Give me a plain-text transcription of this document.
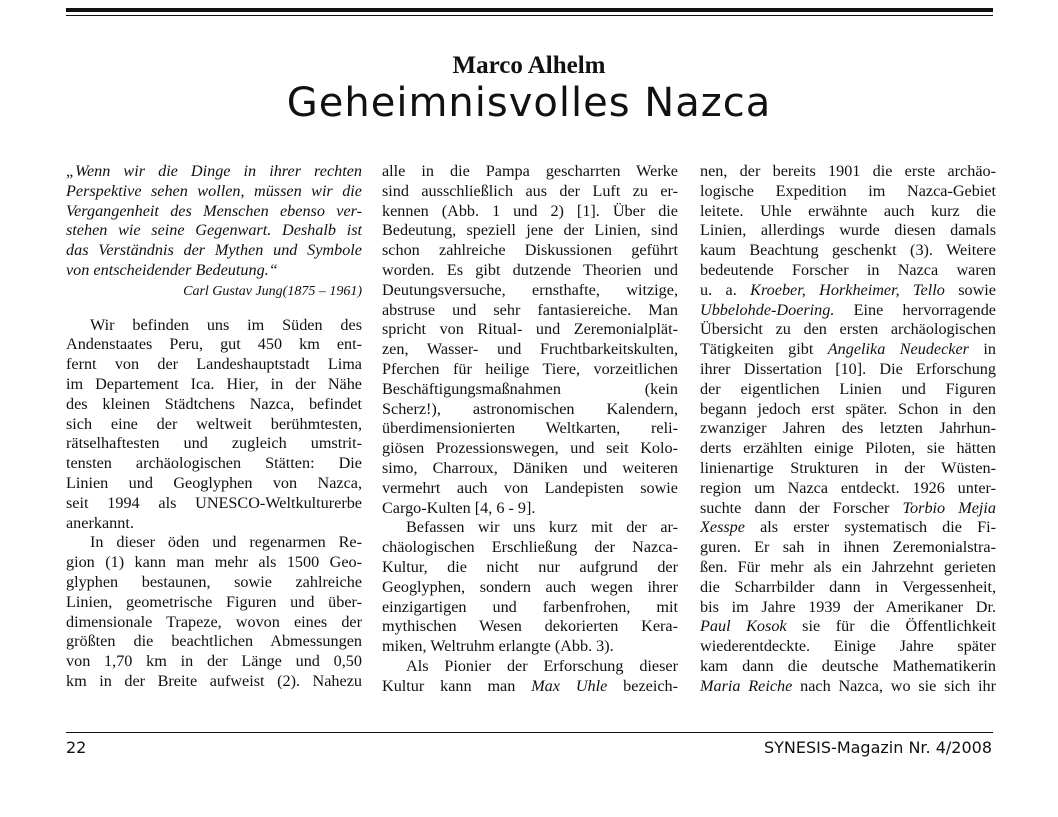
Marco Alhelm
Geheimnisvolles Nazca
„Wenn wir die Dinge in ihrer rechten
Perspektive sehen wollen, müssen wir die
Vergangenheit des Menschen ebenso ver-
stehen wie seine Gegenwart. Deshalb ist
das Verständnis der Mythen und Symbole
von entscheidender Bedeutung.“
Carl Gustav Jung(1875 – 1961)
Wir befinden uns im Süden des
Andenstaates Peru, gut 450 km ent-
fernt von der Landeshauptstadt Lima
im Departement Ica. Hier, in der Nähe
des kleinen Städtchens Nazca, befindet
sich eine der weltweit berühmtesten,
rätselhaftesten und zugleich umstrit-
tensten archäologischen Stätten: Die
Linien und Geoglyphen von Nazca,
seit 1994 als UNESCO-Weltkulturerbe
anerkannt.
In dieser öden und regenarmen Re-
gion (1) kann man mehr als 1500 Geo-
glyphen bestaunen, sowie zahlreiche
Linien, geometrische Figuren und über-
dimensionale Trapeze, wovon eines der
größten die beachtlichen Abmessungen
von 1,70 km in der Länge und 0,50
km in der Breite aufweist (2). Nahezu
alle in die Pampa gescharrten Werke
sind ausschließlich aus der Luft zu er-
kennen (Abb. 1 und 2) [1]. Über die
Bedeutung, speziell jene der Linien, sind
schon zahlreiche Diskussionen geführt
worden. Es gibt dutzende Theorien und
Deutungsversuche, ernsthafte, witzige,
abstruse und sehr fantasiereiche. Man
spricht von Ritual- und Zeremonialplät-
zen, Wasser- und Fruchtbarkeitskulten,
Pferchen für heilige Tiere, vorzeitlichen
Beschäftigungsmaßnahmen (kein
Scherz!), astronomischen Kalendern,
überdimensionierten Weltkarten, reli-
giösen Prozessionswegen, und seit Kolo-
simo, Charroux, Däniken und weiteren
vermehrt auch von Landepisten sowie
Cargo-Kulten [4, 6 - 9].
Befassen wir uns kurz mit der ar-
chäologischen Erschließung der Nazca-
Kultur, die nicht nur aufgrund der
Geoglyphen, sondern auch wegen ihrer
einzigartigen und farbenfrohen, mit
mythischen Wesen dekorierten Kera-
miken, Weltruhm erlangte (Abb. 3).
Als Pionier der Erforschung dieser
Kultur kann man Max Uhle bezeich-
nen, der bereits 1901 die erste archäo-
logische Expedition im Nazca-Gebiet
leitete. Uhle erwähnte auch kurz die
Linien, allerdings wurde diesen damals
kaum Beachtung geschenkt (3). Weitere
bedeutende Forscher in Nazca waren
u. a. Kroeber, Horkheimer, Tello sowie
Ubbelohde-Doering. Eine hervorragende
Übersicht zu den ersten archäologischen
Tätigkeiten gibt Angelika Neudecker in
ihrer Dissertation [10]. Die Erforschung
der eigentlichen Linien und Figuren
begann jedoch erst später. Schon in den
zwanziger Jahren des letzten Jahrhun-
derts erzählten einige Piloten, sie hätten
linienartige Strukturen in der Wüsten-
region um Nazca entdeckt. 1926 unter-
suchte dann der Forscher Torbio Mejia
Xesspe als erster systematisch die Fi-
guren. Er sah in ihnen Zeremonialstra-
ßen. Für mehr als ein Jahrzehnt gerieten
die Scharrbilder dann in Vergessenheit,
bis im Jahre 1939 der Amerikaner Dr.
Paul Kosok sie für die Öffentlichkeit
wiederentdeckte. Einige Jahre später
kam dann die deutsche Mathematikerin
Maria Reiche nach Nazca, wo sie sich ihr
22	SYNESIS-Magazin Nr. 4/2008
